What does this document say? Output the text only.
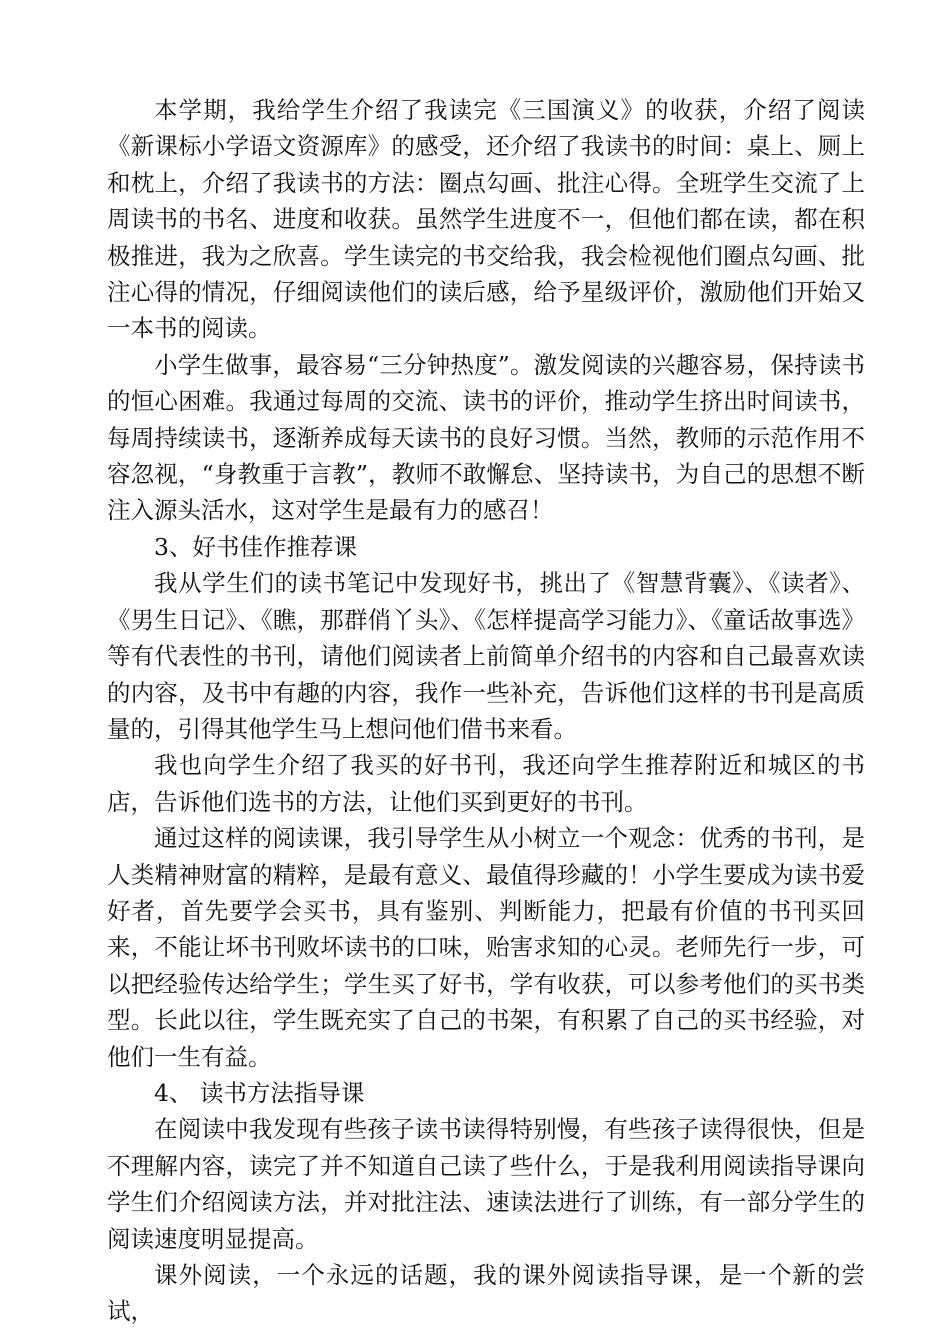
本学期，我给学生介绍了我读完《三国演义》的收获，介绍了阅读《新课标小学语文资源库》的感受，还介绍了我读书的时间：桌上、厕上和枕上，介绍了我读书的方法：圈点勾画、批注心得。全班学生交流了上周读书的书名、进度和收获。虽然学生进度不一，但他们都在读，都在积极推进，我为之欣喜。学生读完的书交给我，我会检视他们圈点勾画、批注心得的情况，仔细阅读他们的读后感，给予星级评价，激励他们开始又一本书的阅读。

小学生做事，最容易“三分钟热度”。激发阅读的兴趣容易，保持读书的恒心困难。我通过每周的交流、读书的评价，推动学生挤出时间读书，每周持续读书，逐渐养成每天读书的良好习惯。当然，教师的示范作用不容忽视，“身教重于言教”，教师不敢懈怠、坚持读书，为自己的思想不断注入源头活水，这对学生是最有力的感召！

3、好书佳作推荐课

我从学生们的读书笔记中发现好书，挑出了《智慧背囊》、《读者》、《男生日记》、《瞧，那群俏丫头》、《怎样提高学习能力》、《童话故事选》等有代表性的书刊，请他们阅读者上前简单介绍书的内容和自己最喜欢读的内容，及书中有趣的内容，我作一些补充，告诉他们这样的书刊是高质量的，引得其他学生马上想问他们借书来看。

我也向学生介绍了我买的好书刊，我还向学生推荐附近和城区的书店，告诉他们选书的方法，让他们买到更好的书刊。

通过这样的阅读课，我引导学生从小树立一个观念：优秀的书刊，是人类精神财富的精粹，是最有意义、最值得珍藏的！小学生要成为读书爱好者，首先要学会买书，具有鉴别、判断能力，把最有价值的书刊买回来，不能让坏书刊败坏读书的口味，贻害求知的心灵。老师先行一步，可以把经验传达给学生；学生买了好书，学有收获，可以参考他们的买书类型。长此以往，学生既充实了自己的书架，有积累了自己的买书经验，对他们一生有益。

4、 读书方法指导课

在阅读中我发现有些孩子读书读得特别慢，有些孩子读得很快，但是不理解内容，读完了并不知道自己读了些什么，于是我利用阅读指导课向学生们介绍阅读方法，并对批注法、速读法进行了训练，有一部分学生的阅读速度明显提高。

课外阅读，一个永远的话题，我的课外阅读指导课，是一个新的尝试，
